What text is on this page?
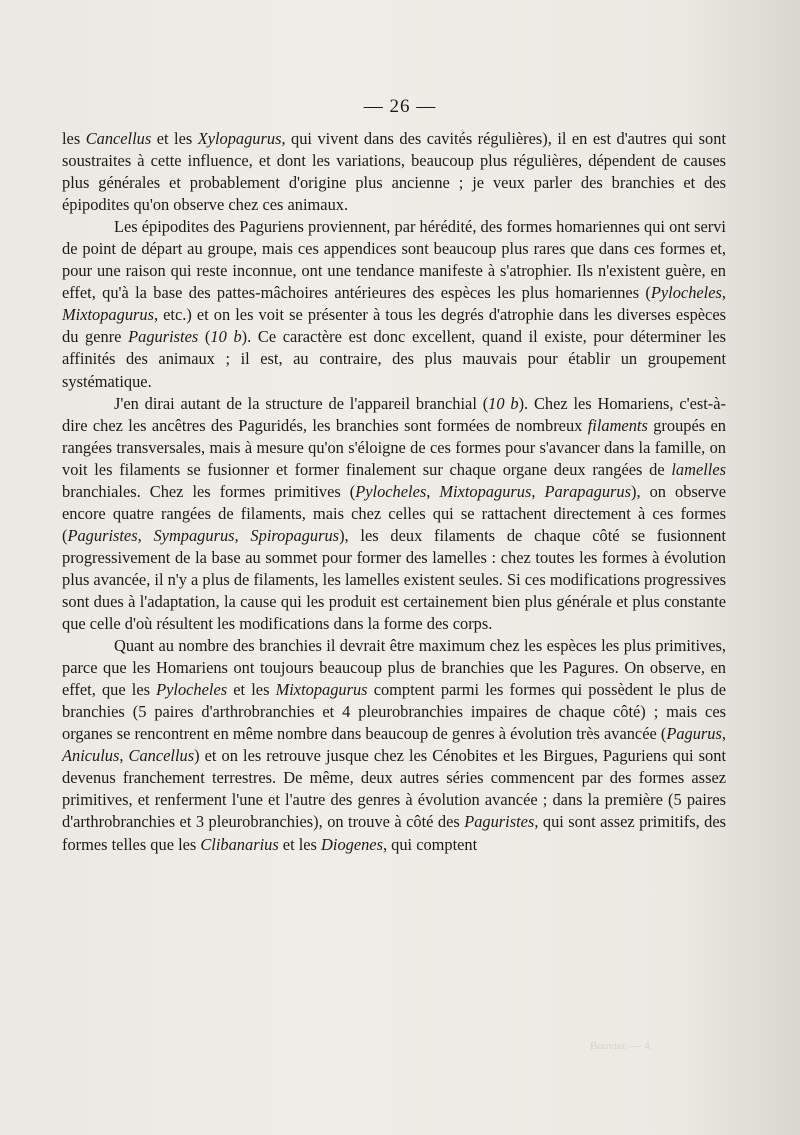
— 26 —

les Cancellus et les Xylopagurus, qui vivent dans des cavités régulières), il en est d'autres qui sont soustraites à cette influence, et dont les variations, beaucoup plus régulières, dépendent de causes plus générales et probablement d'origine plus ancienne ; je veux parler des branchies et des épipodites qu'on observe chez ces animaux.

Les épipodites des Paguriens proviennent, par hérédité, des formes homariennes qui ont servi de point de départ au groupe, mais ces appendices sont beaucoup plus rares que dans ces formes et, pour une raison qui reste inconnue, ont une tendance manifeste à s'atrophier. Ils n'existent guère, en effet, qu'à la base des pattes-mâchoires antérieures des espèces les plus homariennes (Pylocheles, Mixtopagurus, etc.) et on les voit se présenter à tous les degrés d'atrophie dans les diverses espèces du genre Paguristes (10 b). Ce caractère est donc excellent, quand il existe, pour déterminer les affinités des animaux ; il est, au contraire, des plus mauvais pour établir un groupement systématique.

J'en dirai autant de la structure de l'appareil branchial (10 b). Chez les Homariens, c'est-à-dire chez les ancêtres des Paguridés, les branchies sont formées de nombreux filaments groupés en rangées transversales, mais à mesure qu'on s'éloigne de ces formes pour s'avancer dans la famille, on voit les filaments se fusionner et former finalement sur chaque organe deux rangées de lamelles branchiales. Chez les formes primitives (Pylocheles, Mixtopagurus, Parapagurus), on observe encore quatre rangées de filaments, mais chez celles qui se rattachent directement à ces formes (Paguristes, Sympagurus, Spiropagurus), les deux filaments de chaque côté se fusionnent progressivement de la base au sommet pour former des lamelles : chez toutes les formes à évolution plus avancée, il n'y a plus de filaments, les lamelles existent seules. Si ces modifications progressives sont dues à l'adaptation, la cause qui les produit est certainement bien plus générale et plus constante que celle d'où résultent les modifications dans la forme des corps.

Quant au nombre des branchies il devrait être maximum chez les espèces les plus primitives, parce que les Homariens ont toujours beaucoup plus de branchies que les Pagures. On observe, en effet, que les Pylocheles et les Mixtopagurus comptent parmi les formes qui possèdent le plus de branchies (5 paires d'arthrobranchies et 4 pleurobranchies impaires de chaque côté) ; mais ces organes se rencontrent en même nombre dans beaucoup de genres à évolution très avancée (Pagurus, Aniculus, Cancellus) et on les retrouve jusque chez les Cénobites et les Birgues, Paguriens qui sont devenus franchement terrestres. De même, deux autres séries commencent par des formes assez primitives, et renferment l'une et l'autre des genres à évolution avancée ; dans la première (5 paires d'arthrobranchies et 3 pleurobranchies), on trouve à côté des Paguristes, qui sont assez primitifs, des formes telles que les Clibanarius et les Diogenes, qui comptent

Bouvier. — 4.
